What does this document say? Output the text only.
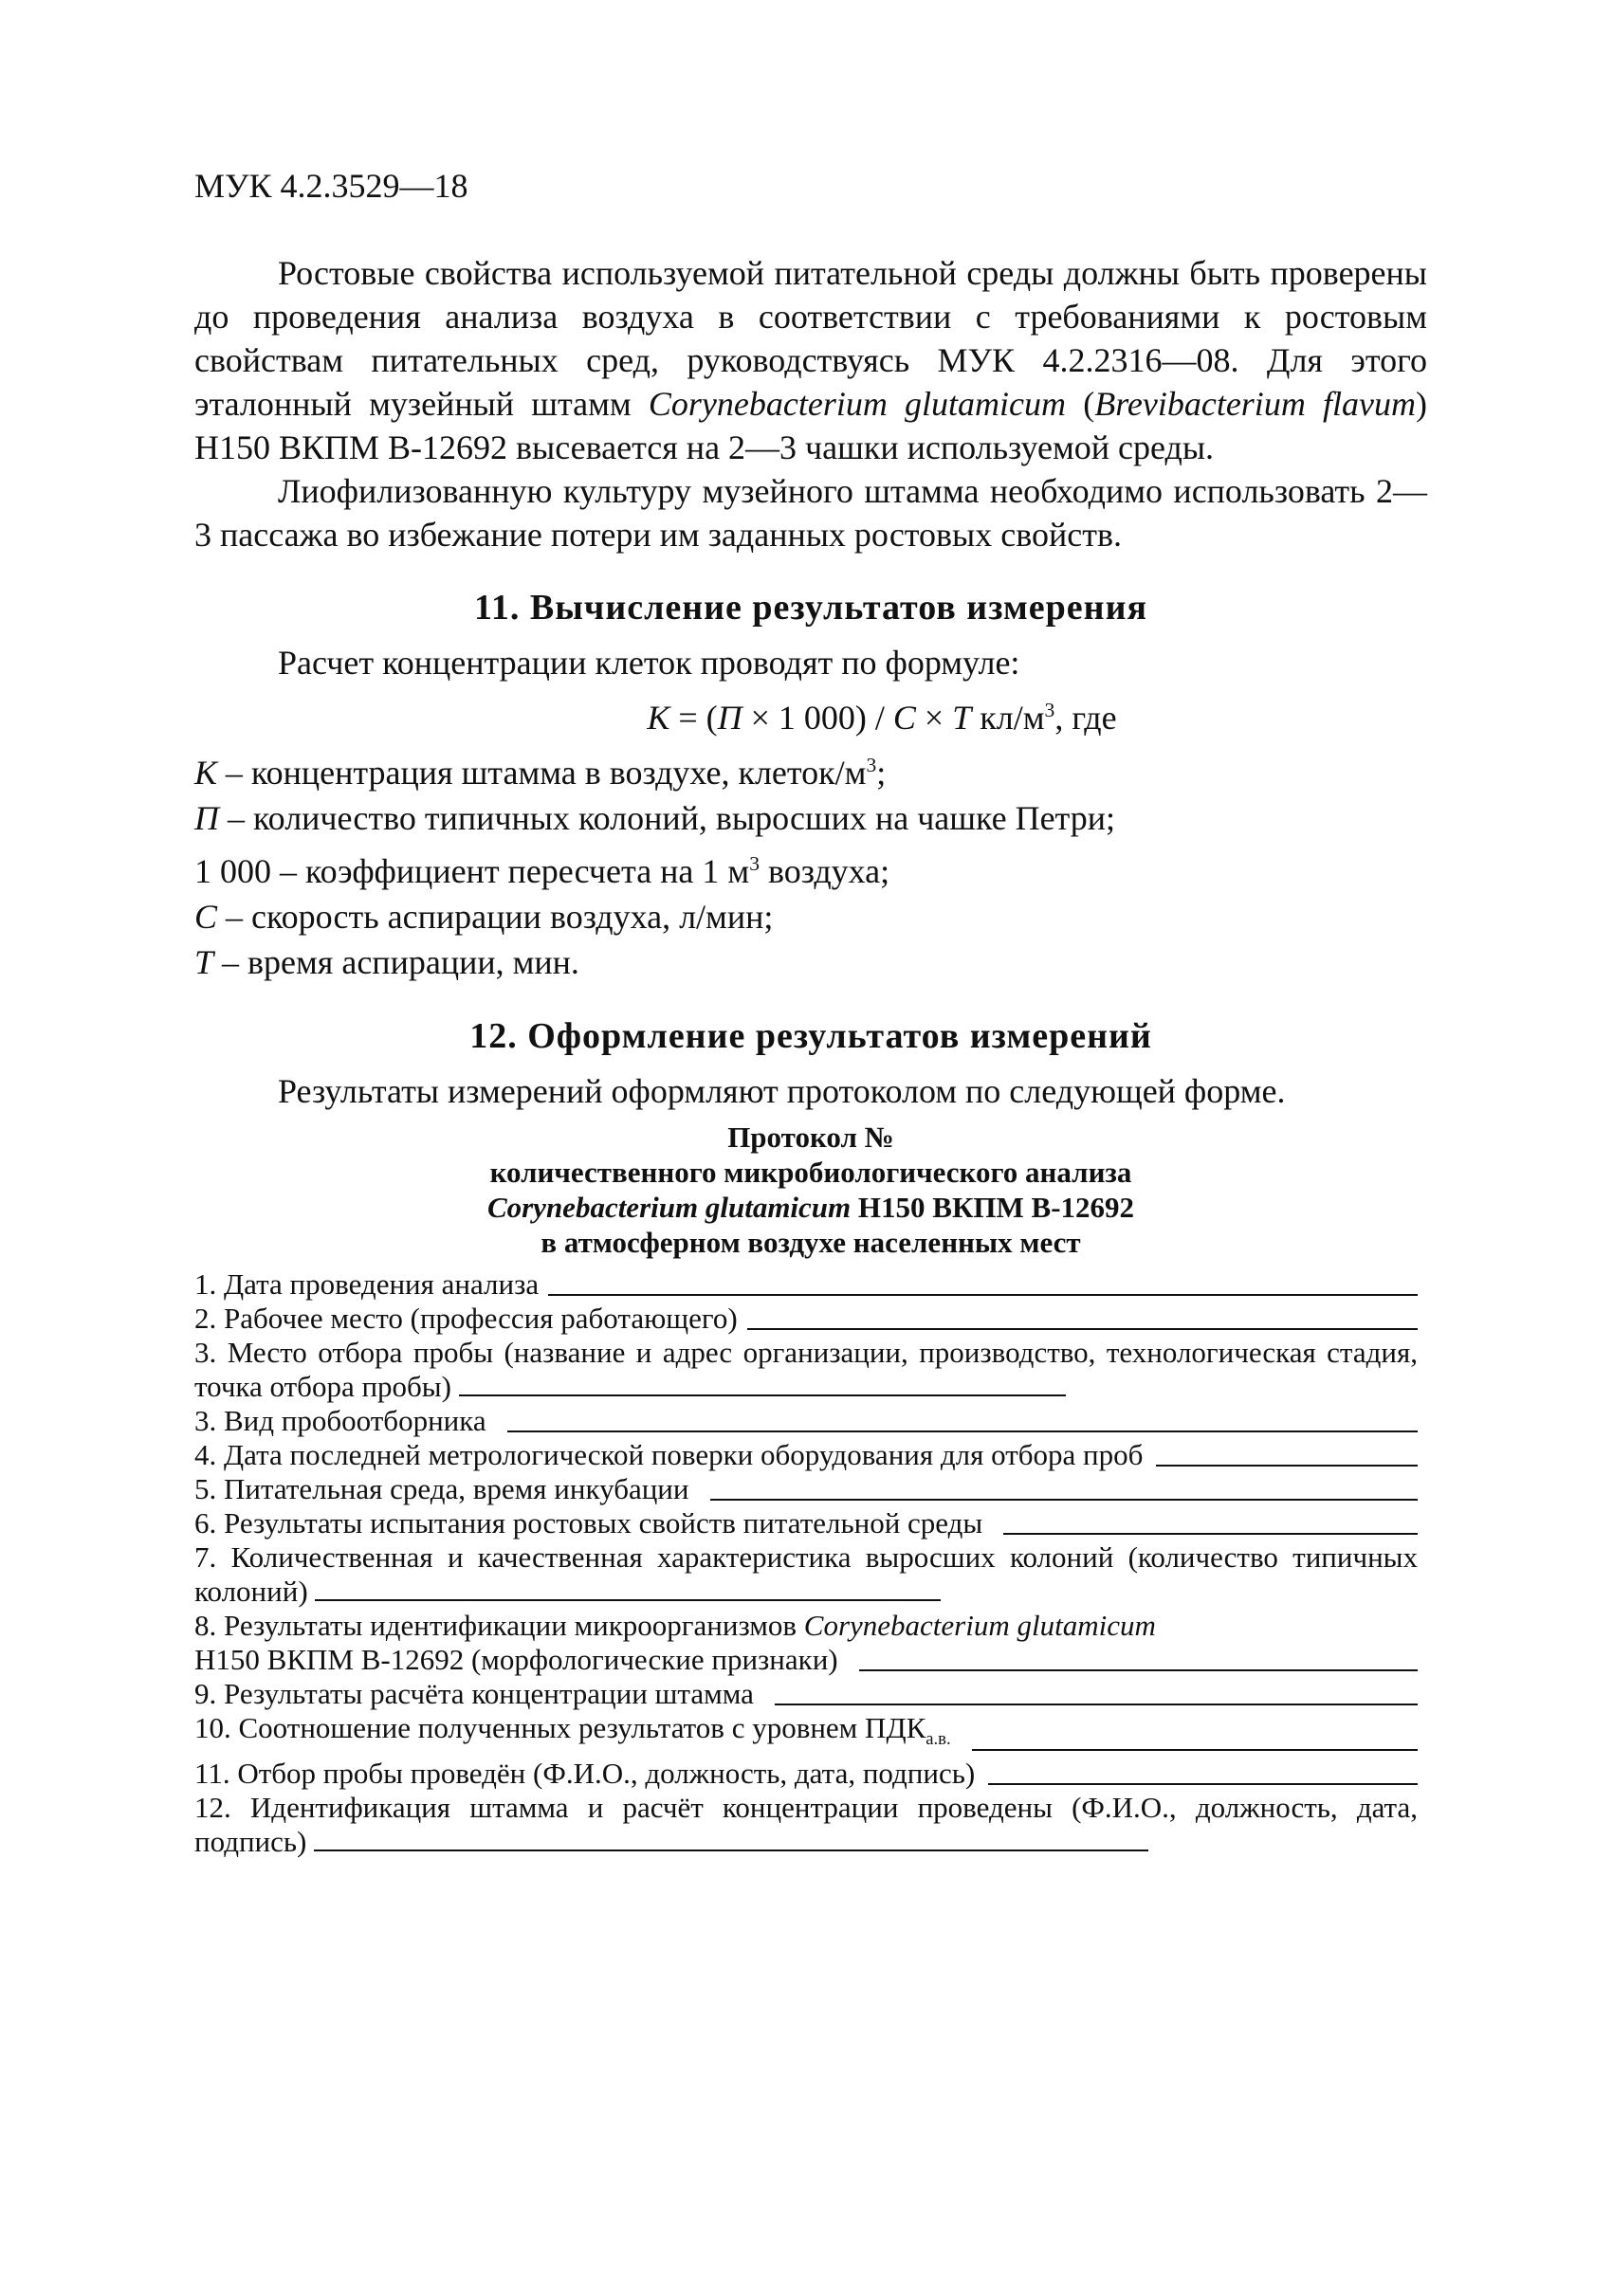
МУК 4.2.3529—18

Ростовые свойства используемой питательной среды должны быть проверены до проведения анализа воздуха в соответствии с требованиями к ростовым свойствам питательных сред, руководствуясь МУК 4.2.2316—08. Для этого эталонный музейный штамм Corynebacterium glutamicum (Brevibacterium flavum) Н150 ВКПМ В-12692 высевается на 2—3 чашки используемой среды.

Лиофилизованную культуру музейного штамма необходимо использовать 2—3 пассажа во избежание потери им заданных ростовых свойств.

11. Вычисление результатов измерения

Расчет концентрации клеток проводят по формуле:

К = (П × 1 000) / С × Т $кл/м^3$, где

К – концентрация штамма в воздухе, клеток/$м^3$;

П – количество типичных колоний, выросших на чашке Петри;

1 000 – коэффициент пересчета на 1 $м^3$ воздуха;

С – скорость аспирации воздуха, л/мин;

Т – время аспирации, мин.

12. Оформление результатов измерений

Результаты измерений оформляют протоколом по следующей форме.

Протокол №
количественного микробиологического анализа
Corynebacterium glutamicum Н150 ВКПМ В-12692
в атмосферном воздухе населенных мест
1. Дата проведения анализа
2. Рабочее место (профессия работающего)
3. Место отбора пробы (название и адрес организации, производство, технологическая стадия, точка отбора пробы)
3. Вид пробоотборника
4. Дата последней метрологической поверки оборудования для отбора проб
5. Питательная среда, время инкубации
6. Результаты испытания ростовых свойств питательной среды
7. Количественная и качественная характеристика выросших колоний (количество типичных колоний)
8. Результаты идентификации микроорганизмов Corynebacterium glutamicum
Н150 ВКПМ В-12692 (морфологические признаки)
9. Результаты расчёта концентрации штамма
10. Соотношение полученных результатов с уровнем $ПДК_{а.в.}$
11. Отбор пробы проведён (Ф.И.О., должность, дата, подпись)
12. Идентификация штамма и расчёт концентрации проведены (Ф.И.О., должность, дата, подпись)
